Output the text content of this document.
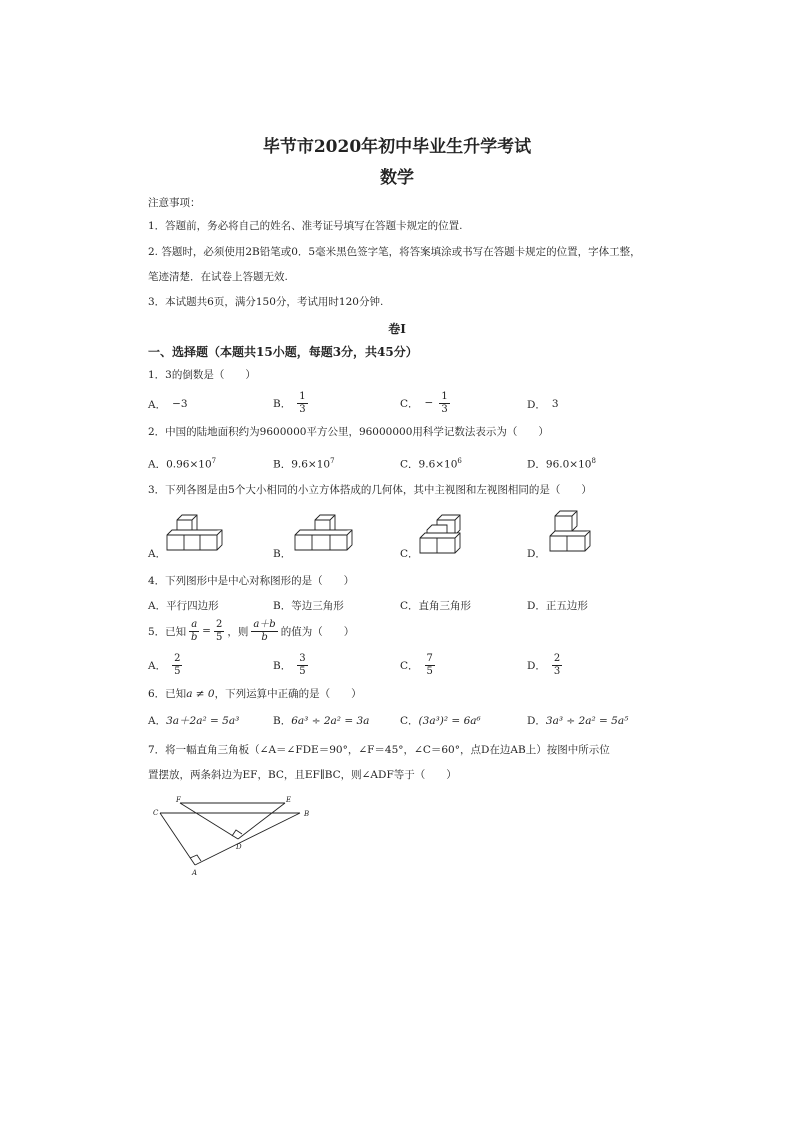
毕节市2020年初中毕业生升学考试
数学
注意事项：
1．答题前，务必将自己的姓名、准考证号填写在答题卡规定的位置.
2. 答题时，必须使用2B铅笔或0．5毫米黑色签字笔，将答案填涂或书写在答题卡规定的位置，字体工整，
笔迹清楚．在试卷上答题无效.
3．本试题共6页，满分150分，考试用时120分钟.
卷I
一、选择题（本题共15小题，每题3分，共45分）
1．3的倒数是（　　）
A． −3	B． $\frac{1}{3}$	C． − $\frac{1}{3}$	D． 3
2．中国的陆地面积约为9600000平方公里，96000000用科学记数法表示为（　　）
A．$0.96\times 10^7$	B．$9.6\times 10^7$	C．$9.6\times 10^6$	D．$96.0\times 10^8$
3．下列各图是由5个大小相同的小立方体搭成的几何体，其中主视图和左视图相同的是（　　）
A．	B．	C．	D．
4．下列图形中是中心对称图形的是（　　）
A．平行四边形	B．等边三角形	C．直角三角形	D．正五边形
5．已知 $\frac{a}{b} = \frac{2}{5}$ ，则 $\frac{a+b}{b}$ 的值为（　　）
A． $\frac{2}{5}$	B． $\frac{3}{5}$	C． $\frac{7}{5}$	D． $\frac{2}{3}$
6．已知a ≠ 0，下列运算中正确的是（　　）
A．3a＋2a² = 5a³	B．6a³ ÷ 2a² = 3a	C．(3a³)² = 6a⁶	D．3a³ ÷ 2a² = 5a⁵
7．将一幅直角三角板（∠A＝∠FDE＝90°，∠F＝45°，∠C＝60°，点D在边AB上）按图中所示位
置摆放，两条斜边为EF，BC，且EF∥BC，则∠ADF等于（　　）
F	E
C	B
D
A
